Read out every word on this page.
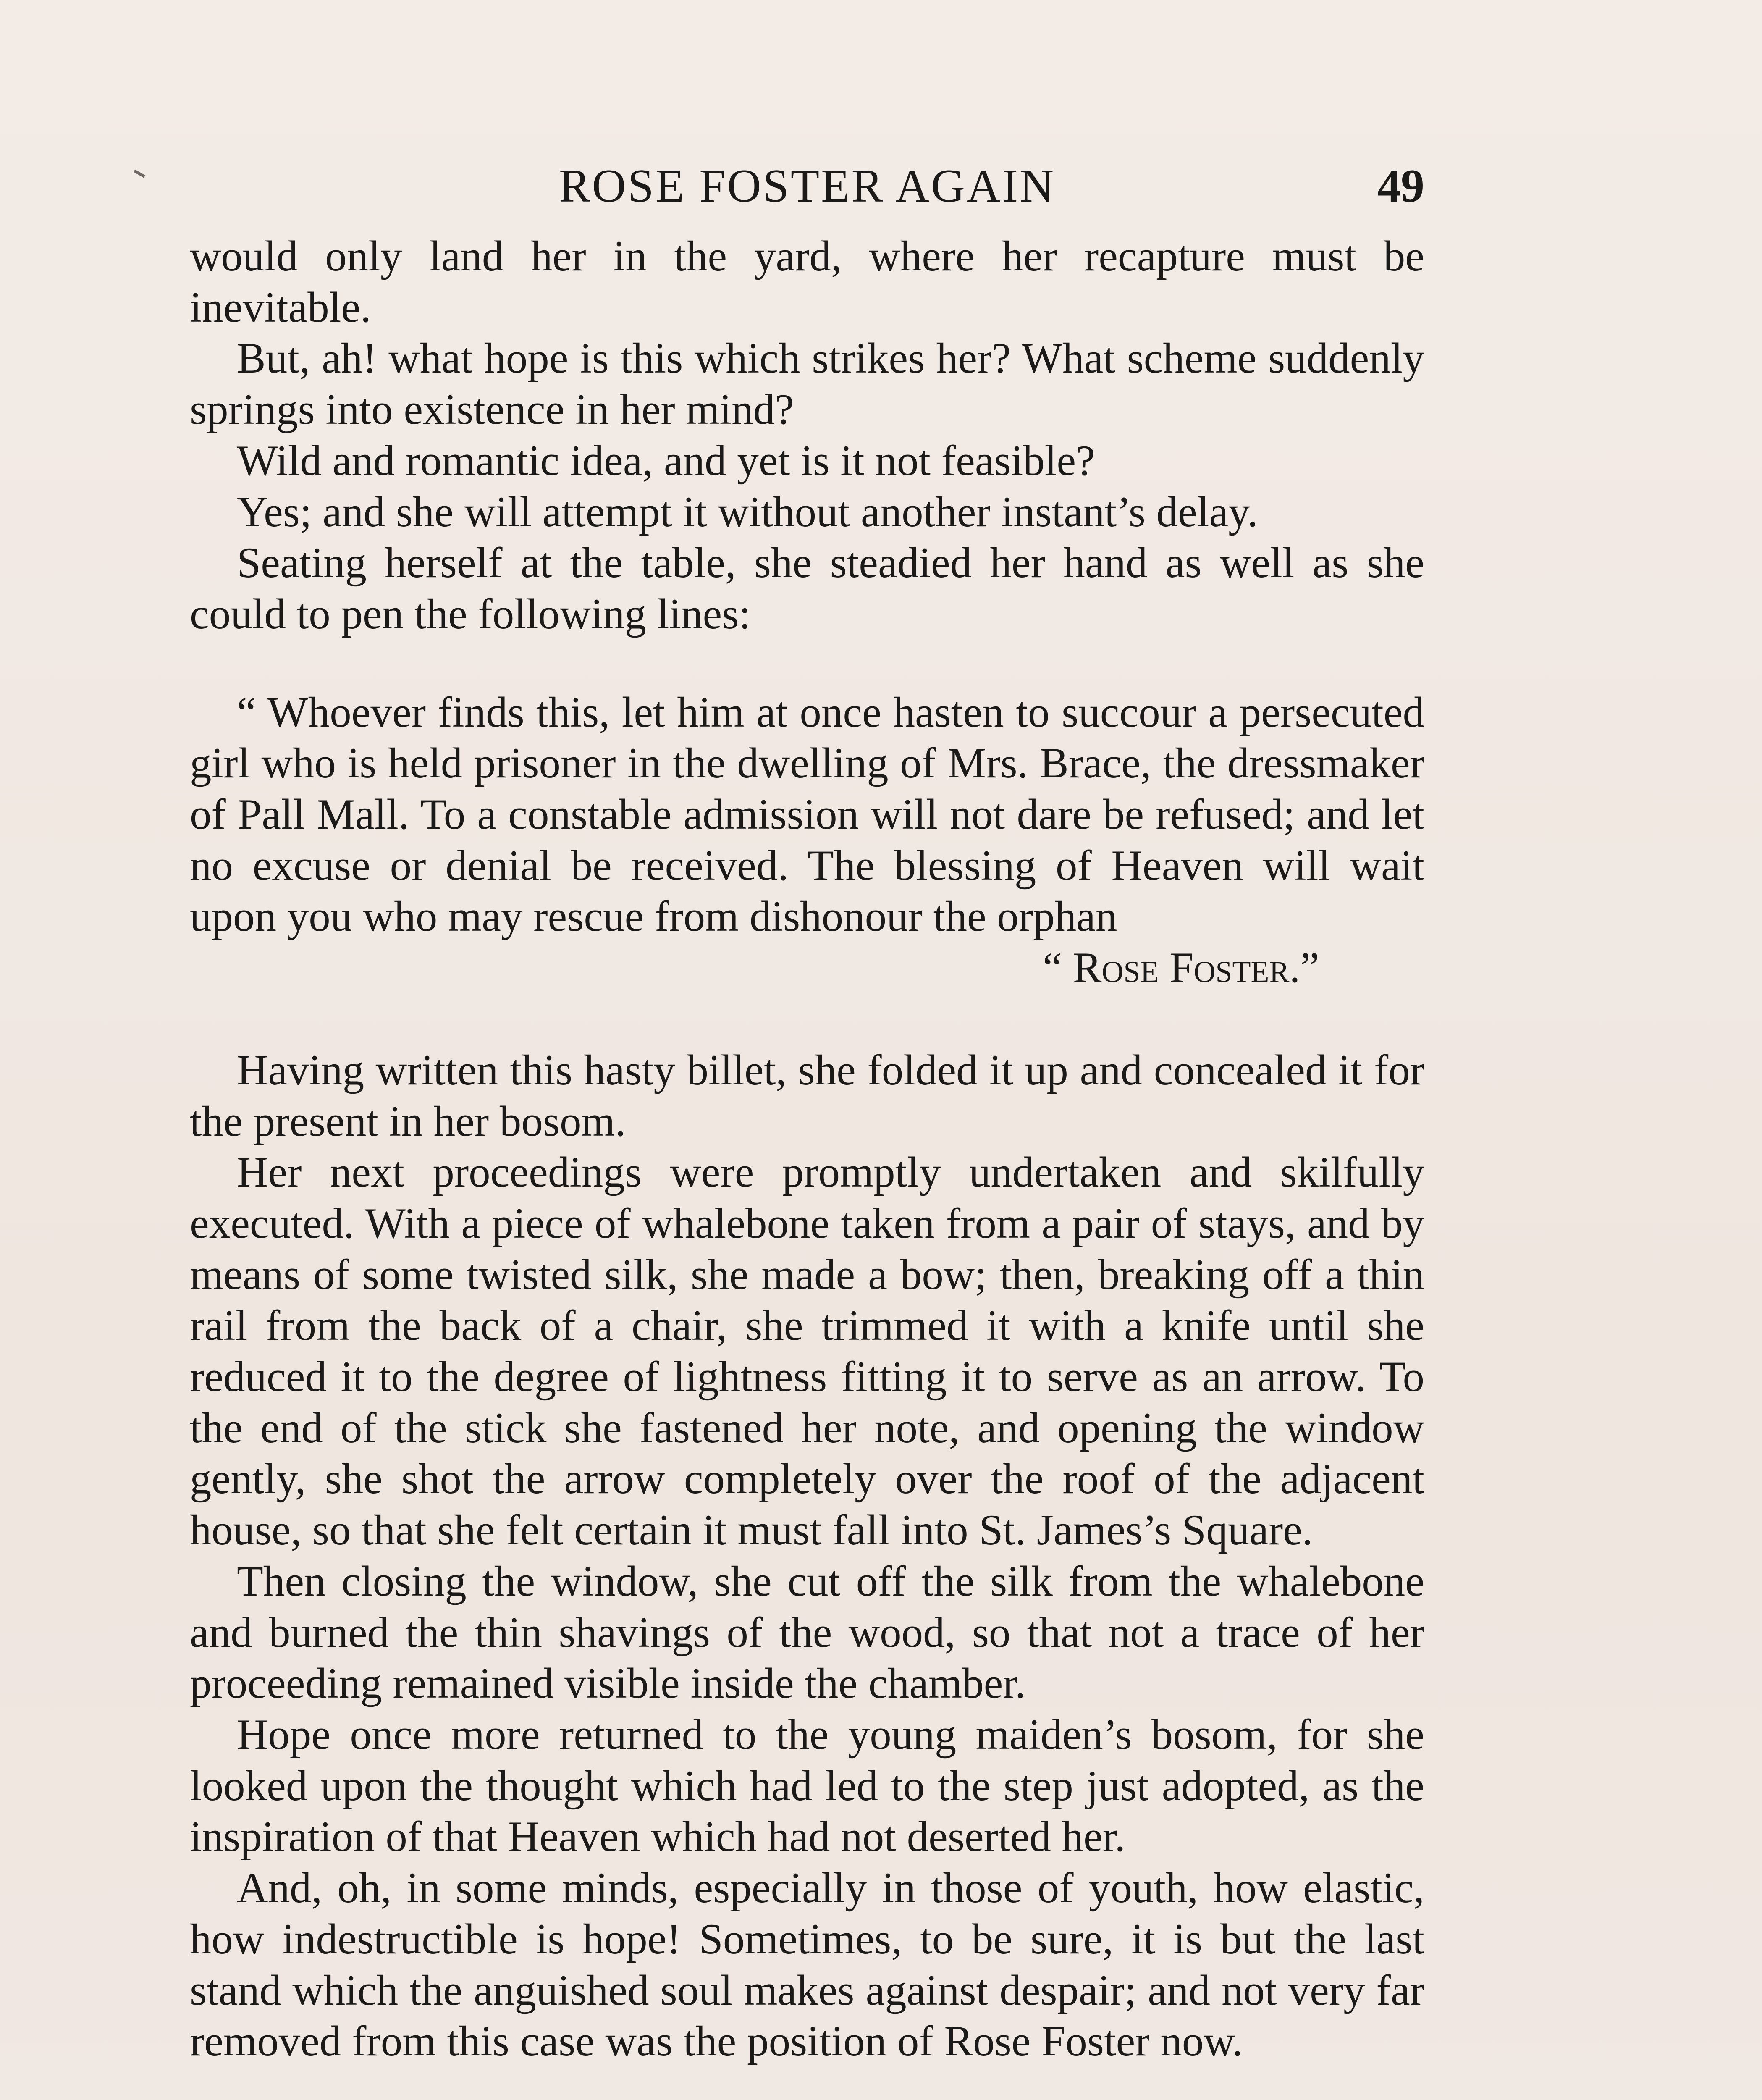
ROSE FOSTER AGAIN	49

would only land her in the yard, where her recapture must be inevitable.

But, ah! what hope is this which strikes her? What scheme suddenly springs into existence in her mind?

Wild and romantic idea, and yet is it not feasible?

Yes; and she will attempt it without another instant’s delay.

Seating herself at the table, she steadied her hand as well as she could to pen the following lines:

“ Whoever finds this, let him at once hasten to succour a persecuted girl who is held prisoner in the dwelling of Mrs. Brace, the dressmaker of Pall Mall. To a constable admission will not dare be refused; and let no excuse or denial be received. The blessing of Heaven will wait upon you who may rescue from dishonour the orphan

“ Rose Foster.”

Having written this hasty billet, she folded it up and concealed it for the present in her bosom.

Her next proceedings were promptly undertaken and skilfully executed. With a piece of whalebone taken from a pair of stays, and by means of some twisted silk, she made a bow; then, breaking off a thin rail from the back of a chair, she trimmed it with a knife until she reduced it to the degree of lightness fitting it to serve as an arrow. To the end of the stick she fastened her note, and opening the window gently, she shot the arrow completely over the roof of the adjacent house, so that she felt certain it must fall into St. James’s Square.

Then closing the window, she cut off the silk from the whalebone and burned the thin shavings of the wood, so that not a trace of her proceeding remained visible inside the chamber.

Hope once more returned to the young maiden’s bosom, for she looked upon the thought which had led to the step just adopted, as the inspiration of that Heaven which had not deserted her.

And, oh, in some minds, especially in those of youth, how elastic, how indestructible is hope! Sometimes, to be sure, it is but the last stand which the anguished soul makes against despair; and not very far removed from this case was the position of Rose Foster now.
